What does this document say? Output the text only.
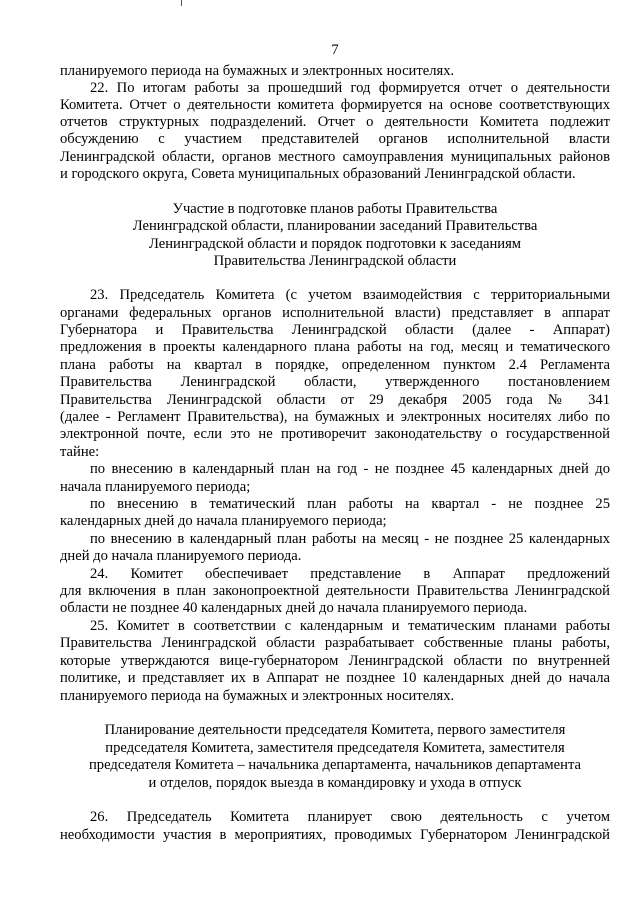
7
планируемого периода на бумажных и электронных носителях.
22. По итогам работы за прошедший год формируется отчет о деятельности
Комитета. Отчет о деятельности комитета формируется на основе соответствующих
отчетов структурных подразделений. Отчет о деятельности Комитета подлежит
обсуждению с участием представителей органов исполнительной власти
Ленинградской области, органов местного самоуправления муниципальных районов
и городского округа, Совета муниципальных образований Ленинградской области.
Участие в подготовке планов работы Правительства
Ленинградской области, планировании заседаний Правительства
Ленинградской области и порядок подготовки к заседаниям
Правительства Ленинградской области
23. Председатель Комитета (с учетом взаимодействия с территориальными
органами федеральных органов исполнительной власти) представляет в аппарат
Губернатора и Правительства Ленинградской области (далее - Аппарат)
предложения в проекты календарного плана работы на год, месяц и тематического
плана работы на квартал в порядке, определенном пунктом 2.4 Регламента
Правительства Ленинградской области, утвержденного постановлением
Правительства Ленинградской области от 29 декабря 2005 года № 341
(далее - Регламент Правительства), на бумажных и электронных носителях либо по
электронной почте, если это не противоречит законодательству о государственной
тайне:
по внесению в календарный план на год - не позднее 45 календарных дней до
начала планируемого периода;
по внесению в тематический план работы на квартал - не позднее 25
календарных дней до начала планируемого периода;
по внесению в календарный план работы на месяц - не позднее 25 календарных
дней до начала планируемого периода.
24. Комитет обеспечивает представление в Аппарат предложений
для включения в план законопроектной деятельности Правительства Ленинградской
области не позднее 40 календарных дней до начала планируемого периода.
25. Комитет в соответствии с календарным и тематическим планами работы
Правительства Ленинградской области разрабатывает собственные планы работы,
которые утверждаются вице-губернатором Ленинградской области по внутренней
политике, и представляет их в Аппарат не позднее 10 календарных дней до начала
планируемого периода на бумажных и электронных носителях.
Планирование деятельности председателя Комитета, первого заместителя
председателя Комитета, заместителя председателя Комитета, заместителя
председателя Комитета – начальника департамента, начальников департамента
и отделов, порядок выезда в командировку и ухода в отпуск
26. Председатель Комитета планирует свою деятельность с учетом
необходимости участия в мероприятиях, проводимых Губернатором Ленинградской
